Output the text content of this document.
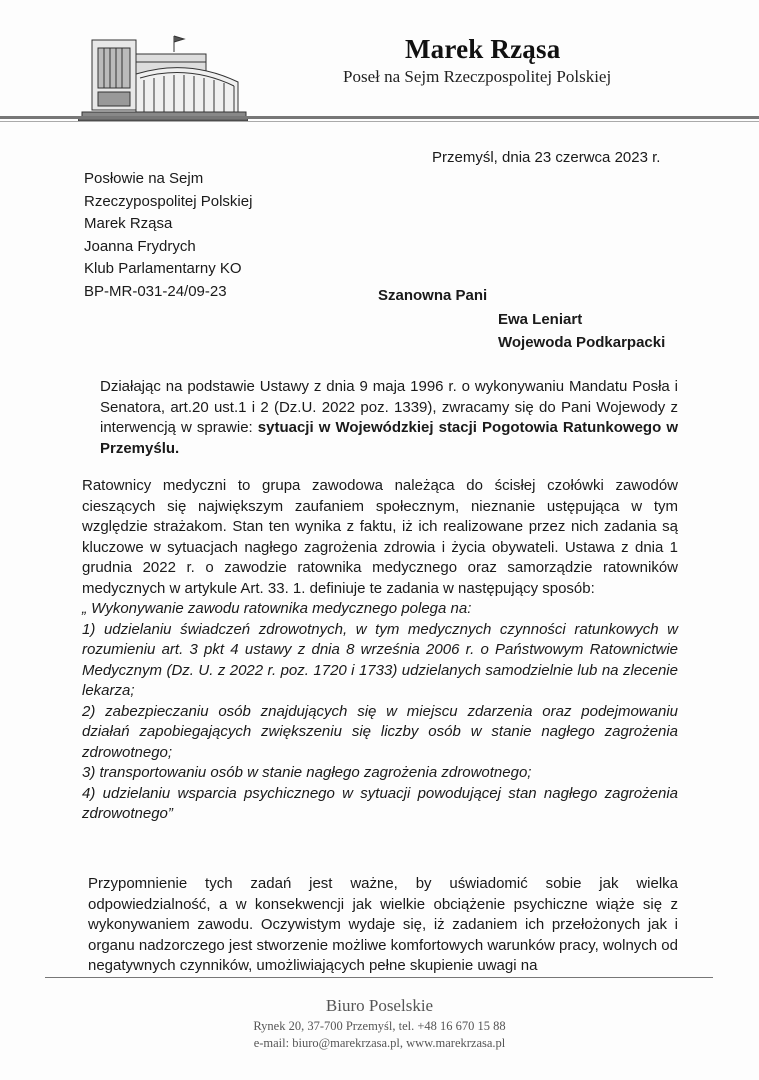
Marek Rząsa
Poseł na Sejm Rzeczpospolitej Polskiej
Przemyśl, dnia 23 czerwca 2023 r.
Posłowie na Sejm
Rzeczypospolitej Polskiej
Marek Rząsa
Joanna Frydrych
Klub Parlamentarny KO
BP-MR-031-24/09-23	Szanowna Pani
Ewa Leniart
Wojewoda Podkarpacki

Działając na podstawie Ustawy z dnia 9 maja 1996 r. o wykonywaniu Mandatu Posła i Senatora, art.20 ust.1 i 2 (Dz.U. 2022 poz. 1339), zwracamy się do Pani Wojewody z interwencją w sprawie: sytuacji w Wojewódzkiej stacji Pogotowia Ratunkowego w Przemyślu.

Ratownicy medyczni to grupa zawodowa należąca do ścisłej czołówki zawodów cieszących się największym zaufaniem społecznym, nieznanie ustępująca w tym względzie strażakom. Stan ten wynika z faktu, iż ich realizowane przez nich zadania są kluczowe w sytuacjach nagłego zagrożenia zdrowia i życia obywateli. Ustawa z dnia 1 grudnia 2022 r. o zawodzie ratownika medycznego oraz samorządzie ratowników medycznych w artykule Art. 33. 1. definiuje te zadania w następujący sposób:

„ Wykonywanie zawodu ratownika medycznego polega na:

1) udzielaniu świadczeń zdrowotnych, w tym medycznych czynności ratunkowych w rozumieniu art. 3 pkt 4 ustawy z dnia 8 września 2006 r. o Państwowym Ratownictwie Medycznym (Dz. U. z 2022 r. poz. 1720 i 1733) udzielanych samodzielnie lub na zlecenie lekarza;

2) zabezpieczaniu osób znajdujących się w miejscu zdarzenia oraz podejmowaniu działań zapobiegających zwiększeniu się liczby osób w stanie nagłego zagrożenia zdrowotnego;

3) transportowaniu osób w stanie nagłego zagrożenia zdrowotnego;

4) udzielaniu wsparcia psychicznego w sytuacji powodującej stan nagłego zagrożenia zdrowotnego”

Przypomnienie tych zadań jest ważne, by uświadomić sobie jak wielka odpowiedzialność, a w konsekwencji jak wielkie obciążenie psychiczne wiąże się z wykonywaniem zawodu. Oczywistym wydaje się, iż zadaniem ich przełożonych jak i organu nadzorczego jest stworzenie możliwe komfortowych warunków pracy, wolnych od negatywnych czynników, umożliwiających pełne skupienie uwagi na

Biuro Poselskie
Rynek 20, 37-700 Przemyśl, tel. +48 16 670 15 88
e-mail: biuro@marekrzasa.pl, www.marekrzasa.pl
